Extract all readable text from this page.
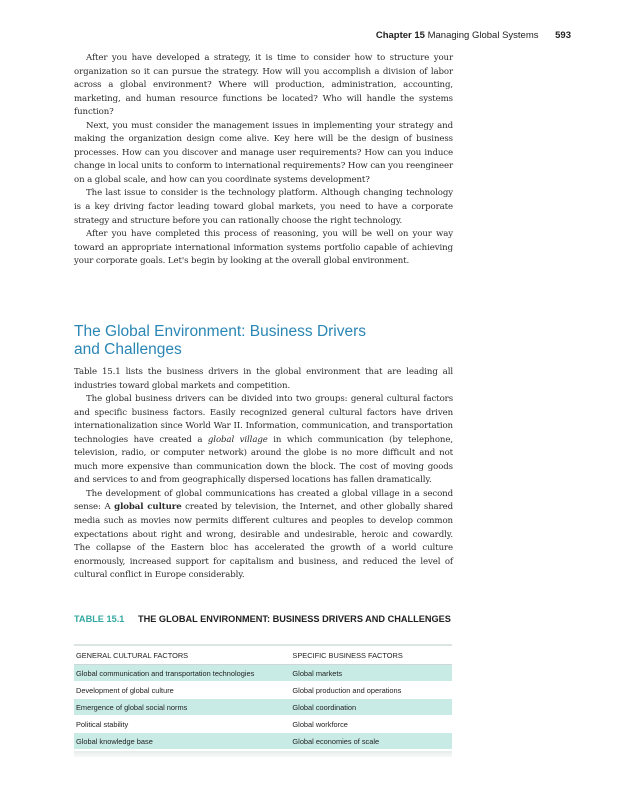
Chapter 15 Managing Global Systems 593

After you have developed a strategy, it is time to consider how to structure your organization so it can pursue the strategy. How will you accomplish a division of labor across a global environment? Where will production, administration, accounting, marketing, and human resource functions be located? Who will handle the systems function?

Next, you must consider the management issues in implementing your strategy and making the organization design come alive. Key here will be the design of business processes. How can you discover and manage user requirements? How can you induce change in local units to conform to international requirements? How can you reengineer on a global scale, and how can you coordinate systems development?

The last issue to consider is the technology platform. Although changing technology is a key driving factor leading toward global markets, you need to have a corporate strategy and structure before you can rationally choose the right technology.

After you have completed this process of reasoning, you will be well on your way toward an appropriate international information systems portfolio capable of achieving your corporate goals. Let's begin by looking at the overall global environment.

The Global Environment: Business Drivers
and Challenges

Table 15.1 lists the business drivers in the global environment that are leading all industries toward global markets and competition.

The global business drivers can be divided into two groups: general cultural factors and specific business factors. Easily recognized general cultural factors have driven internationalization since World War II. Information, communication, and transportation technologies have created a global village in which communication (by telephone, television, radio, or computer network) around the globe is no more difficult and not much more expensive than communication down the block. The cost of moving goods and services to and from geographically dispersed locations has fallen dramatically.

The development of global communications has created a global village in a second sense: A global culture created by television, the Internet, and other globally shared media such as movies now permits different cultures and peoples to develop common expectations about right and wrong, desirable and undesirable, heroic and cowardly. The collapse of the Eastern bloc has accelerated the growth of a world culture enormously, increased support for capitalism and business, and reduced the level of cultural conflict in Europe considerably.

TABLE 15.1 THE GLOBAL ENVIRONMENT: BUSINESS DRIVERS AND CHALLENGES
GENERAL CULTURAL FACTORS	SPECIFIC BUSINESS FACTORS
Global communication and transportation technologies	Global markets
Development of global culture	Global production and operations
Emergence of global social norms	Global coordination
Political stability	Global workforce
Global knowledge base	Global economies of scale
